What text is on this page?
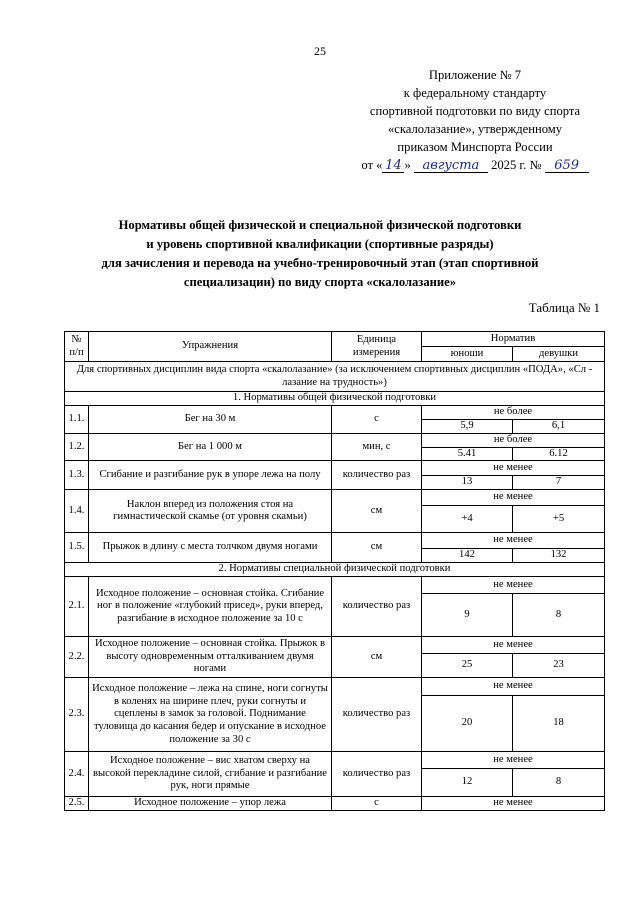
25
Приложение № 7
к федеральному стандарту
спортивной подготовки по виду спорта
«скалолазание», утвержденному
приказом Минспорта России
от « 14 » августа 2025 г. № 659
Нормативы общей физической и специальной физической подготовки
и уровень спортивной квалификации (спортивные разряды)
для зачисления и перевода на учебно-тренировочный этап (этап спортивной
специализации) по виду спорта «скалолазание»
Таблица № 1
№ п/п	Упражнения	Единица измерения	Норматив	
			юноши	девушки
Для спортивных дисциплин вида спорта «скалолазание» (за исключением спортивных дисциплин «ПОДА», «Сл - лазание на трудность»)				
1. Нормативы общей физической подготовки				
1.1.	Бег на 30 м	с	не более	
			5,9	6,1
1.2.	Бег на 1 000 м	мин, с	не более	
			5.41	6.12
1.3.	Сгибание и разгибание рук в упоре лежа на полу	количество раз	не менее	
			13	7
1.4.	Наклон вперед из положения стоя на гимнастической скамье (от уровня скамьи)	см	не менее	
			+4	+5
1.5.	Прыжок в длину с места толчком двумя ногами	см	не менее	
			142	132
2. Нормативы специальной физической подготовки				
2.1.	Исходное положение – основная стойка. Сгибание ног в положение «глубокий присед», руки вперед, разгибание в исходное положение за 10 с	количество раз	не менее	
			9	8
2.2.	Исходное положение – основная стойка. Прыжок в высоту одновременным отталкиванием двумя ногами	см	не менее	
			25	23
2.3.	Исходное положение – лежа на спине, ноги согнуты в коленях на ширине плеч, руки согнуты и сцеплены в замок за головой. Поднимание туловища до касания бедер и опускание в исходное положение за 30 с	количество раз	не менее	
			20	18
2.4.	Исходное положение – вис хватом сверху на высокой перекладине силой, сгибание и разгибание рук, ноги прямые	количество раз	не менее	
			12	8
2.5.	Исходное положение – упор лежа	с	не менее	
